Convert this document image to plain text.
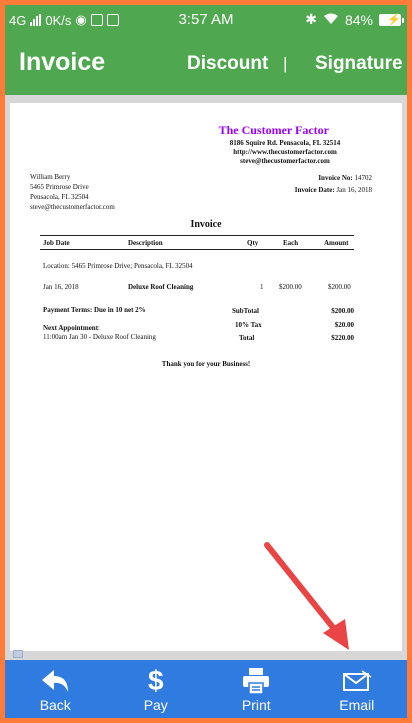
4G 0K/s ◉	3:57 AM	✱ 84% ⚡
Invoice	Discount | Signature
The Customer Factor
8186 Squire Rd. Pensacola, FL 32514
http://www.thecustomerfactor.com
steve@thecustomerfactor.com
William Berry
5465 Primrose Drive
Pensacola, FL 32504
steve@thecustomerfactor.com
Invoice No: 14702
Invoice Date: Jan 16, 2018
Invoice
Job Date	Description	Qty	Each	Amount
Location: 5465 Primrose Drive; Pensacola, FL 32504
Jan 16, 2018	Deluxe Roof Cleaning	1 $200.00	$200.00
Payment Terms: Due in 10 net 2%	SubTotal	$200.00
10% Tax	$20.00
Total	$220.00
Next Appointment:
11:00am Jan 30 - Deluxe Roof Cleaning
Thank you for your Business!
Back
$
Pay	Print	Email
